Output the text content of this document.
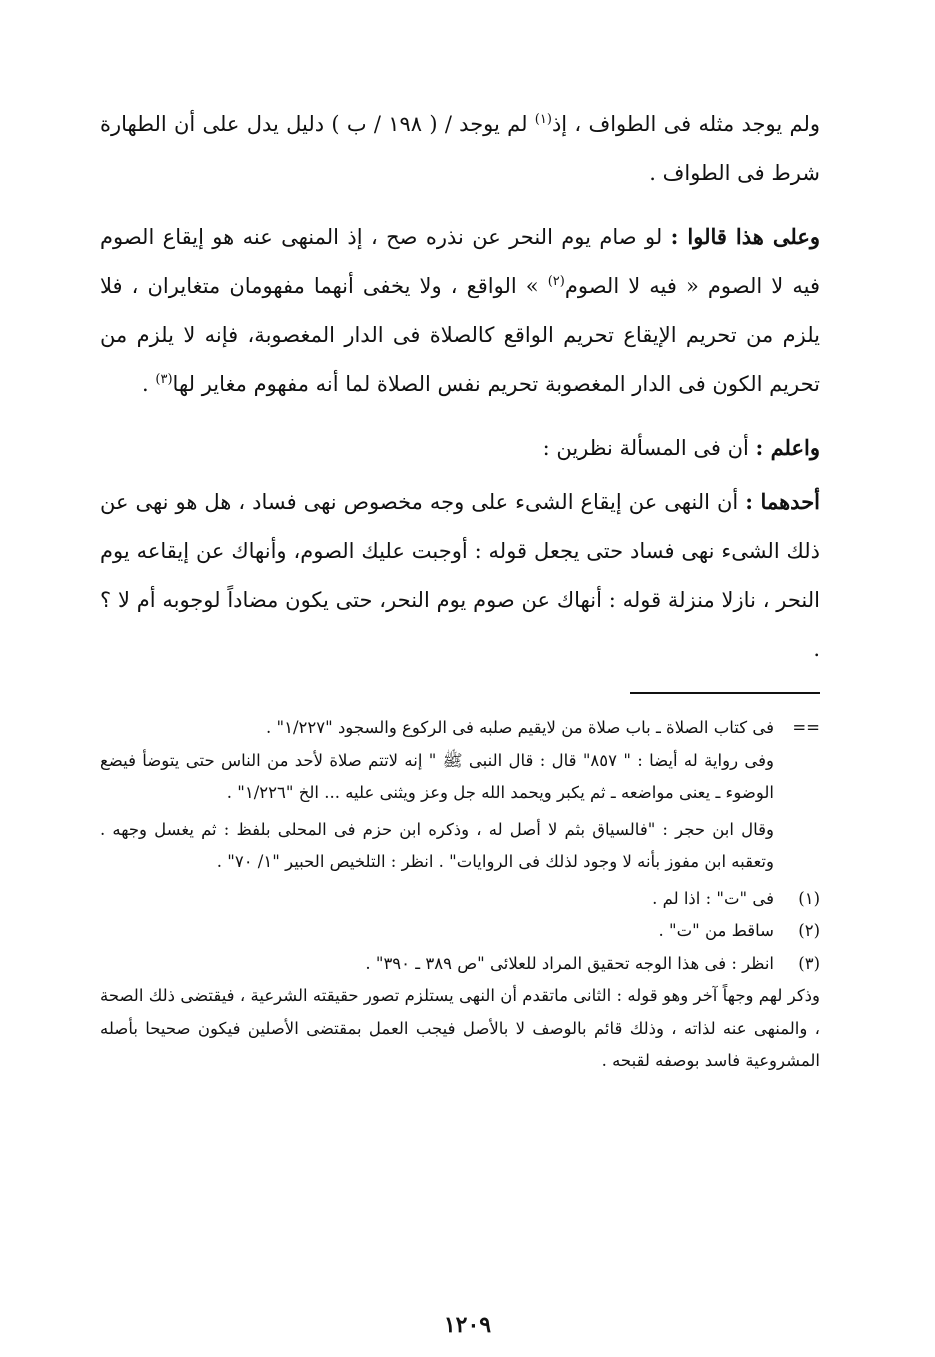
ولم يوجد مثله فى الطواف ، إذ$^{(١)}$ لم يوجد / ( ١٩٨ / ب ) دليل يدل على أن الطهارة شرط فى الطواف .

وعلى هذا قالوا : لو صام يوم النحر عن نذره صح ، إذ المنهى عنه هو إيقاع الصوم فيه لا الصوم « فيه لا الصوم$^{(٢)}$ » الواقع ، ولا يخفى أنهما مفهومان متغايران ، فلا يلزم من تحريم الإيقاع تحريم الواقع كالصلاة فى الدار المغصوبة، فإنه لا يلزم من تحريم الكون فى الدار المغصوبة تحريم نفس الصلاة لما أنه مفهوم مغاير لها$^{(٣)}$ .

واعلم : أن فى المسألة نظرين :

أحدهما : أن النهى عن إيقاع الشىء على وجه مخصوص نهى فساد ، هل هو نهى عن ذلك الشىء نهى فساد حتى يجعل قوله : أوجبت عليك الصوم، وأنهاك عن إيقاعه يوم النحر ، نازلا منزلة قوله : أنهاك عن صوم يوم النحر، حتى يكون مضاداً لوجوبه أم لا ؟ .

==
فى كتاب الصلاة ـ باب صلاة من لايقيم صلبه فى الركوع والسجود "١/٢٢٧" .
وفى رواية له أيضا : " ٨٥٧" قال : قال النبى ﷺ " إنه لاتتم صلاة لأحد من الناس حتى يتوضأ فيضع الوضوء ـ يعنى مواضعه ـ ثم يكبر ويحمد الله جل وعز ويثنى عليه ... الخ "١/٢٢٦" .
وقال ابن حجر : "فالسياق بثم لا أصل له ، وذكره ابن حزم فى المحلى بلفظ : ثم يغسل وجهه . وتعقبه ابن مفوز بأنه لا وجود لذلك فى الروايات" . انظر : التلخيص الحبير "١/ ٧٠" .
(١)
فى "ت" : اذا لم .
(٢)
ساقط من "ت" .
(٣)
انظر : فى هذا الوجه تحقيق المراد للعلائى "ص ٣٨٩ ـ ٣٩٠" .
وذكر لهم وجهاً آخر وهو قوله : الثانى ماتقدم أن النهى يستلزم تصور حقيقته الشرعية ، فيقتضى ذلك الصحة ، والمنهى عنه لذاته ، وذلك قائم بالوصف لا بالأصل فيجب العمل بمقتضى الأصلين فيكون صحيحا بأصله المشروعية فاسد بوصفه لقبحه .
١٢٠٩
